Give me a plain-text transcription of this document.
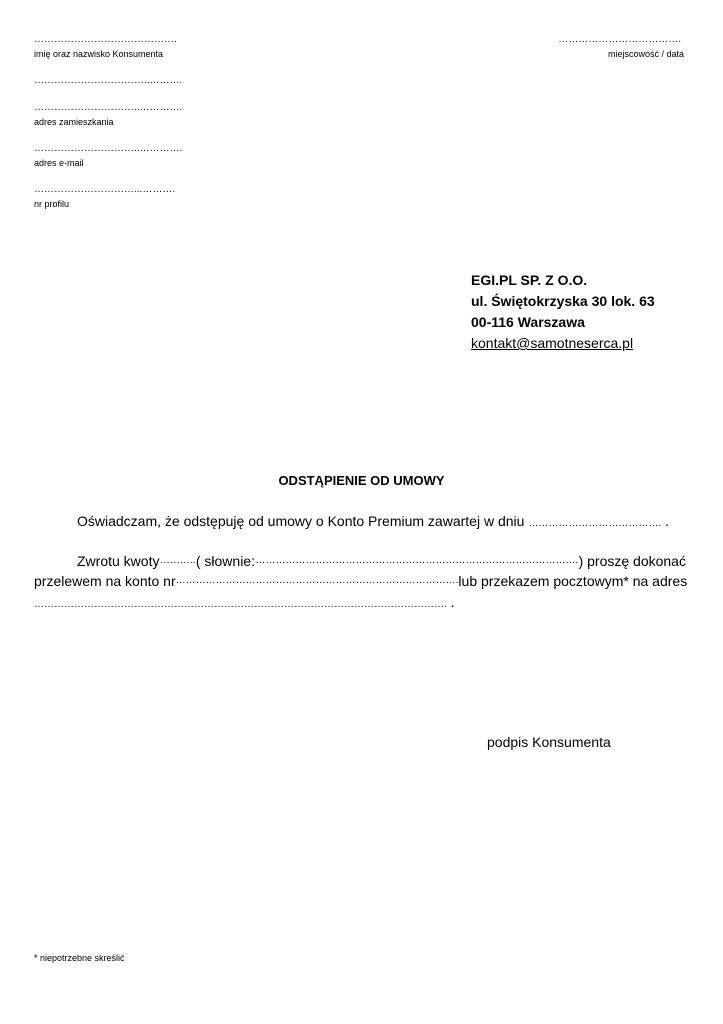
…………………………………….
imię oraz nazwisko Konsumenta
……………………………..……….
…………………………..………….
adres zamieszkania
…………………………..………….
adres e-mail
…………………………...……….
nr profilu
……………………………….
miejscowość / data
EGI.PL SP. Z O.O.
ul. Świętokrzyska 30 lok. 63
00-116 Warszawa
kontakt@samotneserca.pl
ODSTĄPIENIE OD UMOWY
Oświadczam, że odstępuję od umowy o Konto Premium zawartej w dniu …………………………………. .
Zwrotu kwoty ……….. ( słownie: ……………………………………………………………………………………. ) proszę dokonać
przelewem na konto nr …………………………………………………………………………. lub przekazem pocztowym* na adres
……………………………………………………………………………………………………………. .
podpis Konsumenta
* niepotrzebne skreślić
